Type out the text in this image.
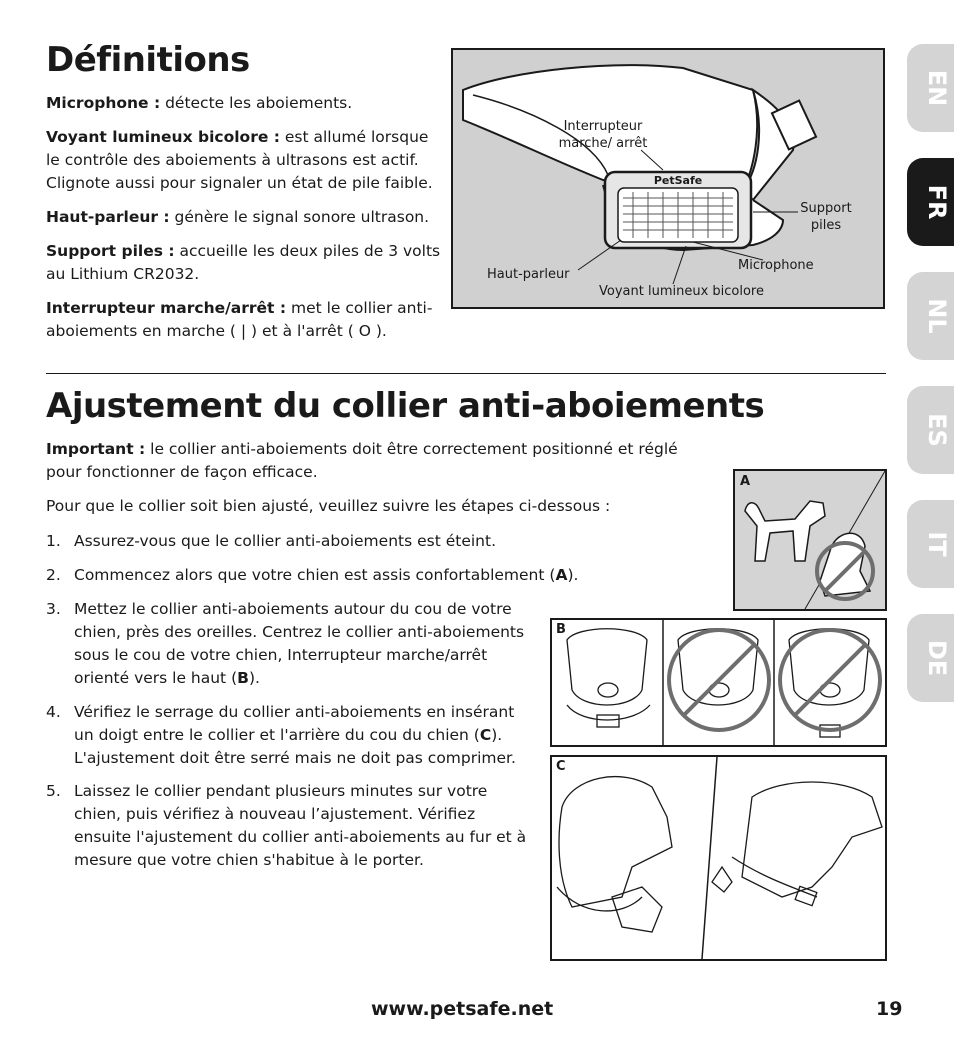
Définitions

Microphone : détecte les aboiements.

Voyant lumineux bicolore : est allumé lorsque le contrôle des aboiements à ultrasons est actif. Clignote aussi pour signaler un état de pile faible.

Haut-parleur : génère le signal sonore ultrason.

Support piles : accueille les deux piles de 3 volts au Lithium CR2032.

Interrupteur marche/arrêt : met le collier anti-aboiements en marche ( | ) et à l'arrêt ( O ).

PetSafe
Interrupteur marche/ arrêt
Support piles
Haut-parleur
Microphone
Voyant lumineux bicolore
Ajustement du collier anti-aboiements

Important : le collier anti-aboiements doit être correctement positionné et réglé pour fonctionner de façon efficace.

Pour que le collier soit bien ajusté, veuillez suivre les étapes ci-dessous :

1. Assurez-vous que le collier anti-aboiements est éteint.
2. Commencez alors que votre chien est assis confortablement (A).
3. Mettez le collier anti-aboiements autour du cou de votre chien, près des oreilles. Centrez le collier anti-aboiements sous le cou de votre chien, Interrupteur marche/arrêt orienté vers le haut (B).
4. Vérifiez le serrage du collier anti-aboiements en insérant un doigt entre le collier et l'arrière du cou du chien (C). L'ajustement doit être serré mais ne doit pas comprimer.
5. Laissez le collier pendant plusieurs minutes sur votre chien, puis vérifiez à nouveau l’ajustement. Vérifiez ensuite l'ajustement du collier anti-aboiements au fur et à mesure que votre chien s'habitue à le porter.
A
B
C
EN
FR
NL
ES
IT
DE
www.petsafe.net	19
